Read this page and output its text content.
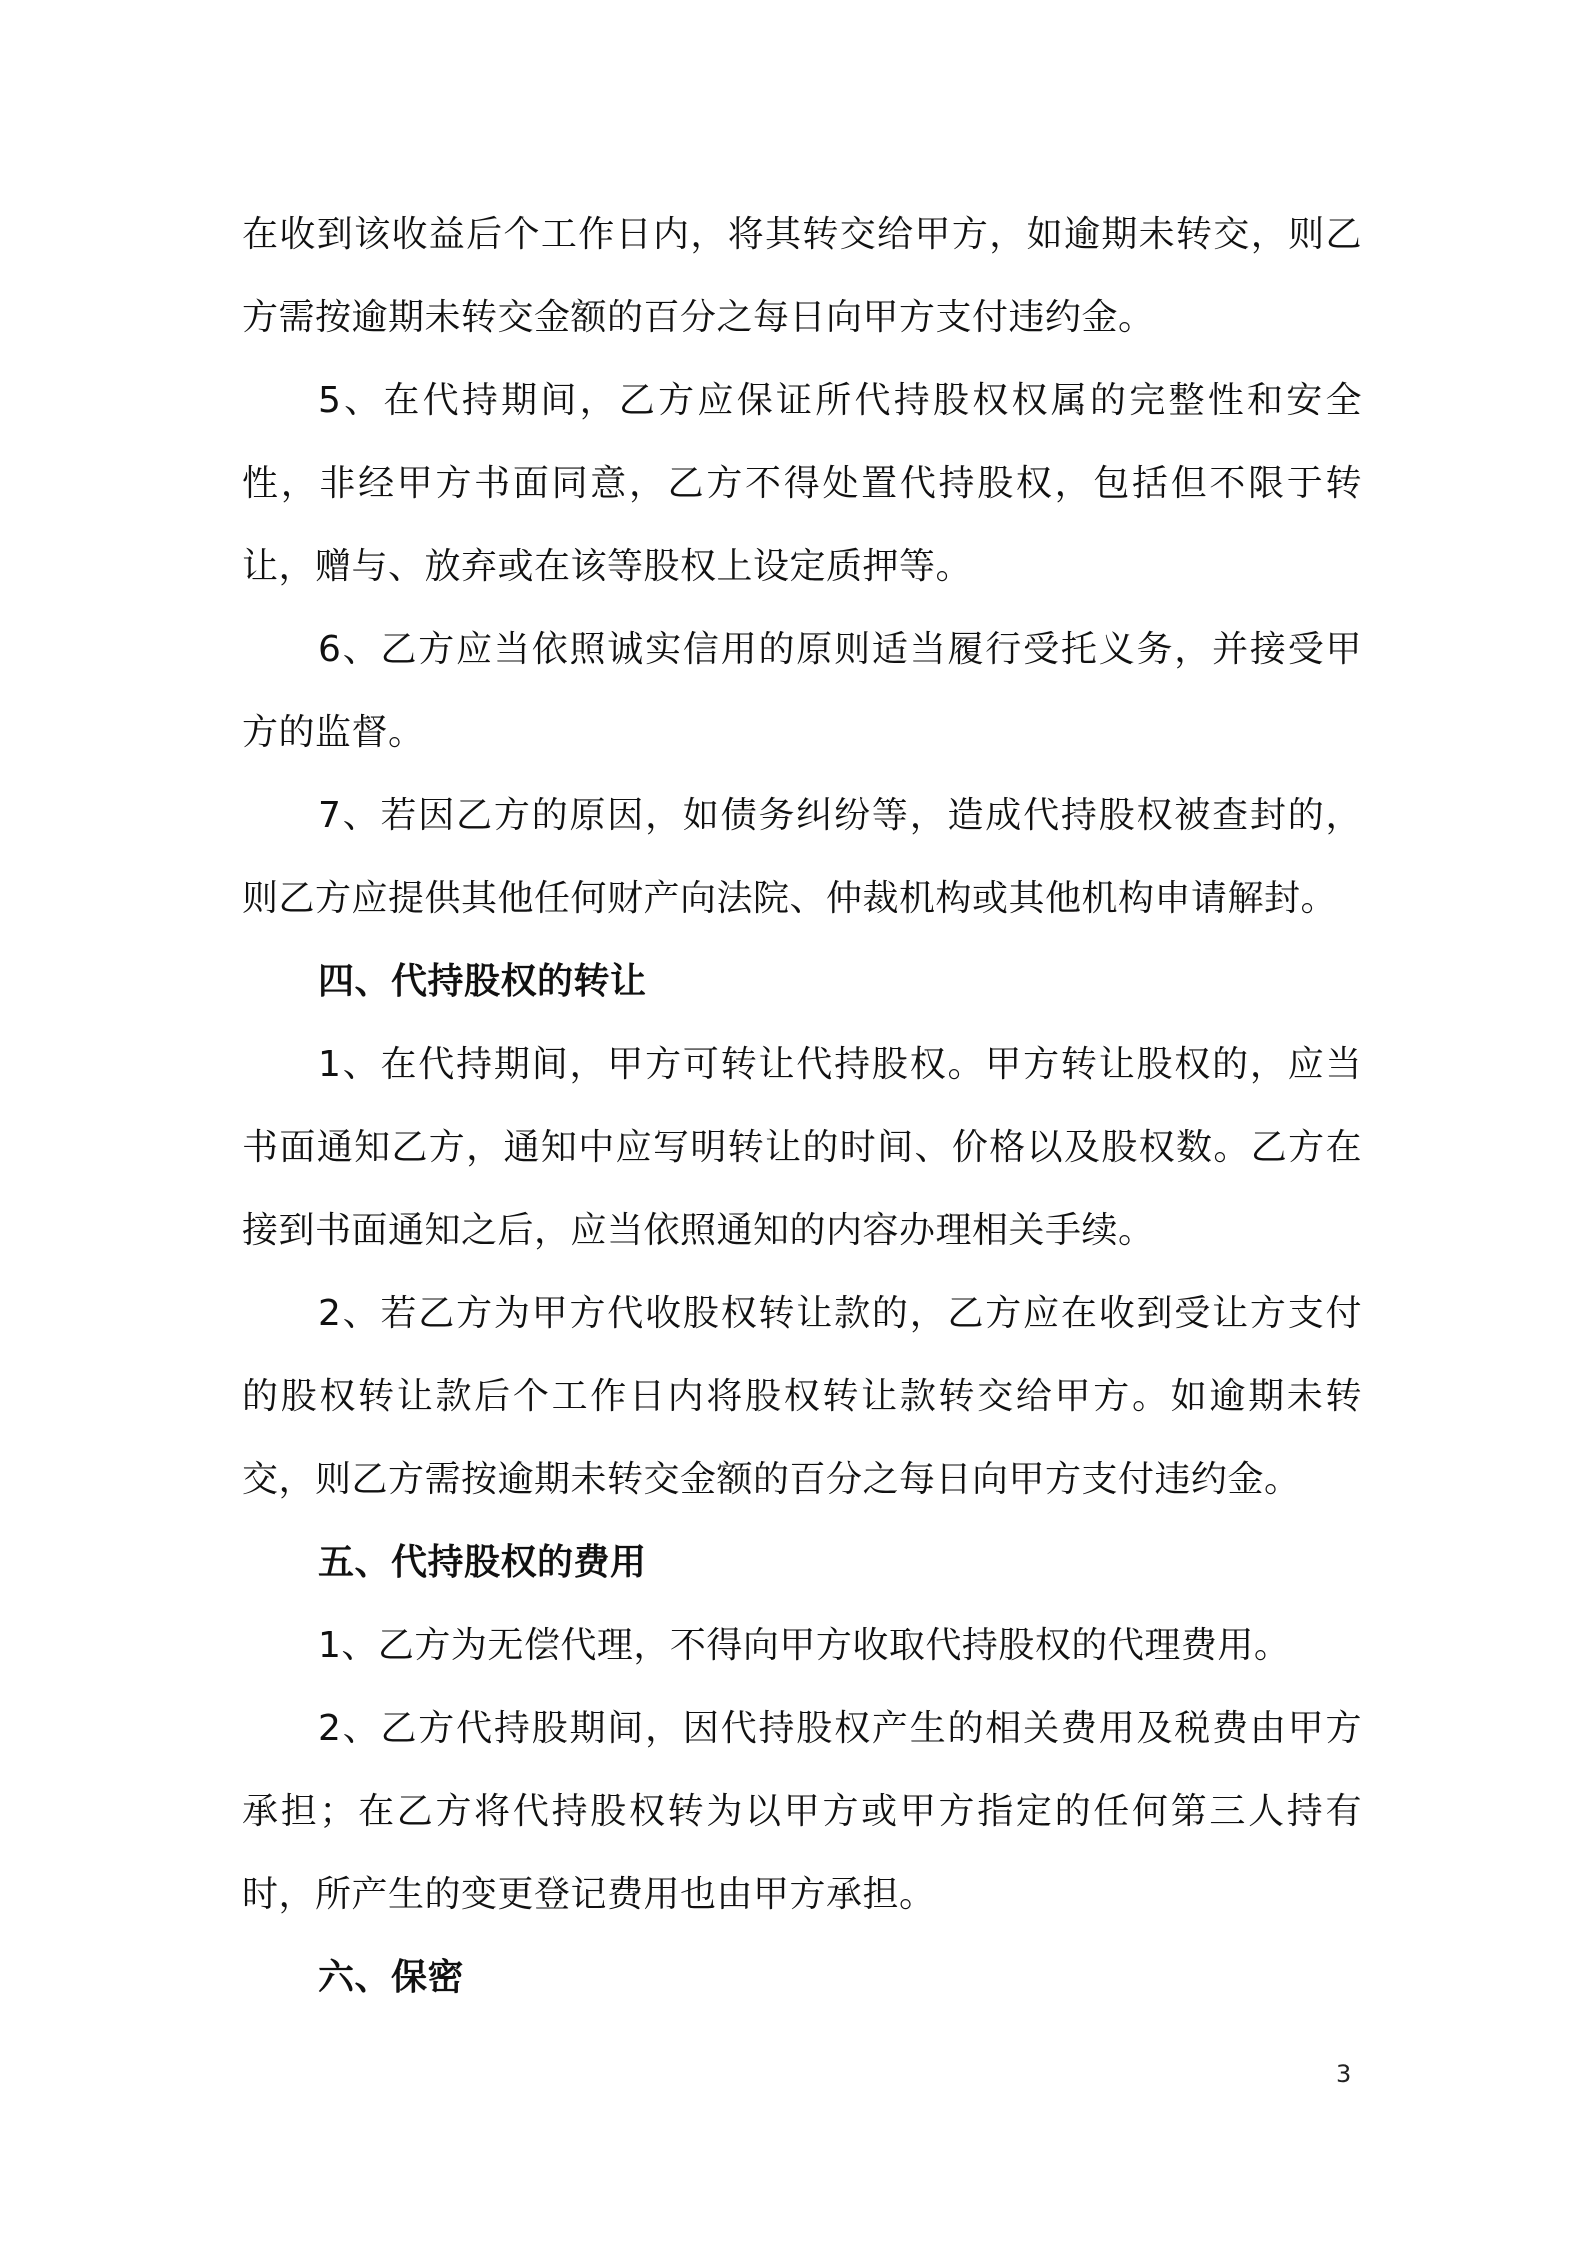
在收到该收益后个工作日内，将其转交给甲方，如逾期未转交，则乙方需按逾期未转交金额的百分之每日向甲方支付违约金。

5、在代持期间，乙方应保证所代持股权权属的完整性和安全性，非经甲方书面同意，乙方不得处置代持股权，包括但不限于转让，赠与、放弃或在该等股权上设定质押等。

6、乙方应当依照诚实信用的原则适当履行受托义务，并接受甲方的监督。

7、若因乙方的原因，如债务纠纷等，造成代持股权被查封的，则乙方应提供其他任何财产向法院、仲裁机构或其他机构申请解封。

四、代持股权的转让

1、在代持期间，甲方可转让代持股权。甲方转让股权的，应当书面通知乙方，通知中应写明转让的时间、价格以及股权数。乙方在接到书面通知之后，应当依照通知的内容办理相关手续。

2、若乙方为甲方代收股权转让款的，乙方应在收到受让方支付的股权转让款后个工作日内将股权转让款转交给甲方。如逾期未转交，则乙方需按逾期未转交金额的百分之每日向甲方支付违约金。

五、代持股权的费用

1、乙方为无偿代理，不得向甲方收取代持股权的代理费用。

2、乙方代持股期间，因代持股权产生的相关费用及税费由甲方承担；在乙方将代持股权转为以甲方或甲方指定的任何第三人持有时，所产生的变更登记费用也由甲方承担。

六、保密

3
